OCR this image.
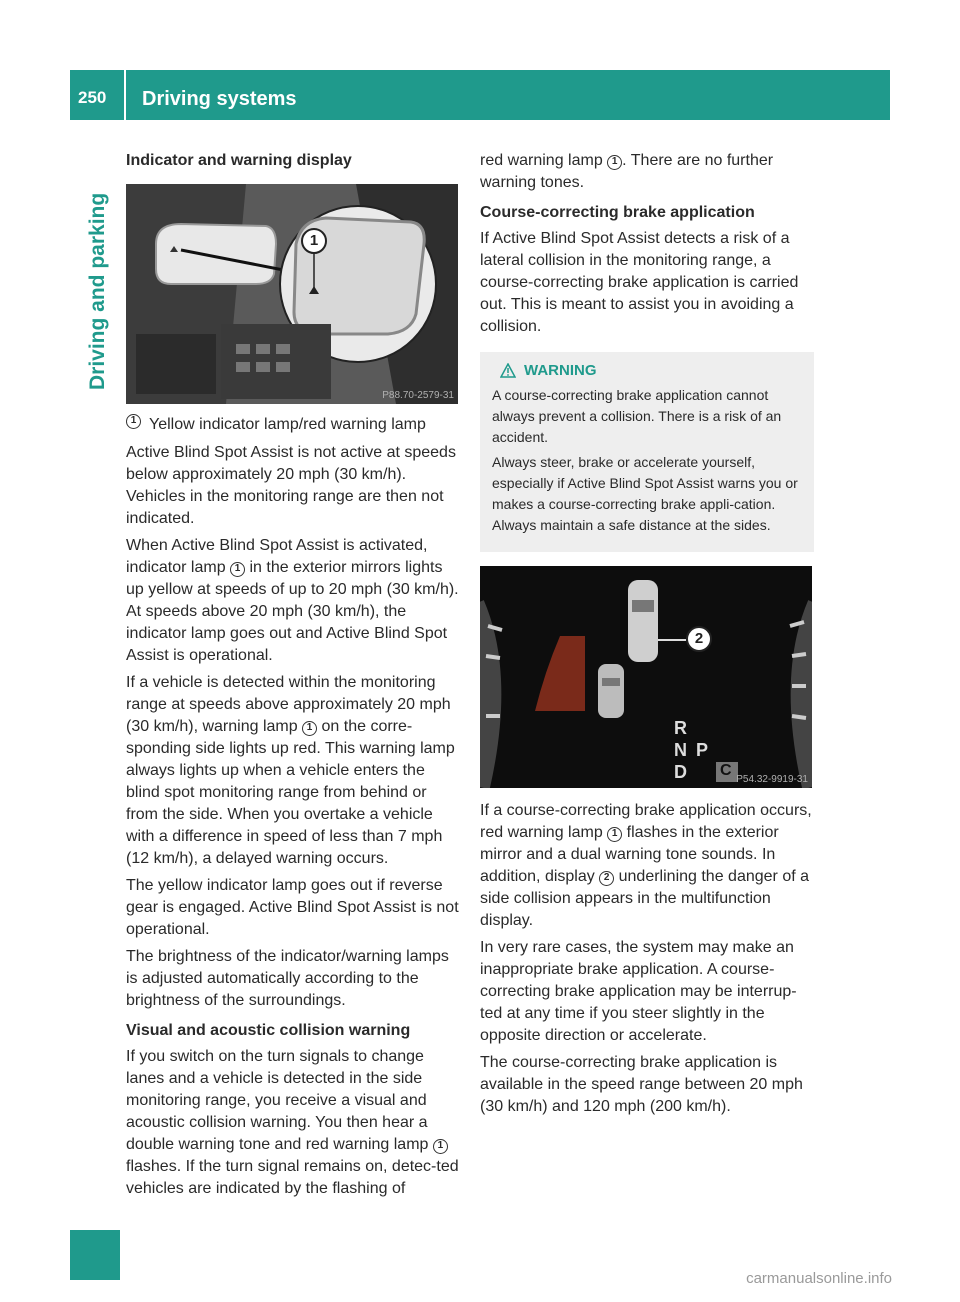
250 Driving systems
Driving and parking
Indicator and warning display
1
P88.70-2579-31
1 Yellow indicator lamp/red warning lamp

Active Blind Spot Assist is not active at speeds below approximately 20 mph (30 km/h). Vehicles in the monitoring range are then not indicated.

When Active Blind Spot Assist is activated, indicator lamp 1 in the exterior mirrors lights up yellow at speeds of up to 20 mph (30 km/h). At speeds above 20 mph (30 km/h), the indicator lamp goes out and Active Blind Spot Assist is operational.

If a vehicle is detected within the monitoring range at speeds above approximately 20 mph (30 km/h), warning lamp 1 on the corre-sponding side lights up red. This warning lamp always lights up when a vehicle enters the blind spot monitoring range from behind or from the side. When you overtake a vehicle with a difference in speed of less than 7 mph (12 km/h), a delayed warning occurs.

The yellow indicator lamp goes out if reverse gear is engaged. Active Blind Spot Assist is not operational.

The brightness of the indicator/warning lamps is adjusted automatically according to the brightness of the surroundings.

Visual and acoustic collision warning

If you switch on the turn signals to change lanes and a vehicle is detected in the side monitoring range, you receive a visual and acoustic collision warning. You then hear a double warning tone and red warning lamp 1 flashes. If the turn signal remains on, detec-ted vehicles are indicated by the flashing of

red warning lamp 1 . There are no further warning tones.

Course-correcting brake application

If Active Blind Spot Assist detects a risk of a lateral collision in the monitoring range, a course-correcting brake application is carried out. This is meant to assist you in avoiding a collision.

WARNING

A course-correcting brake application cannot always prevent a collision. There is a risk of an accident.

Always steer, brake or accelerate yourself, especially if Active Blind Spot Assist warns you or makes a course-correcting brake appli-cation. Always maintain a safe distance at the sides.

2
R
N P
D C
P54.32-9919-31

If a course-correcting brake application occurs, red warning lamp 1 flashes in the exterior mirror and a dual warning tone sounds. In addition, display 2 underlining the danger of a side collision appears in the multifunction display.

In very rare cases, the system may make an inappropriate brake application. A course-correcting brake application may be interrup-ted at any time if you steer slightly in the opposite direction or accelerate.

The course-correcting brake application is available in the speed range between 20 mph (30 km/h) and 120 mph (200 km/h).

carmanualsonline.info
